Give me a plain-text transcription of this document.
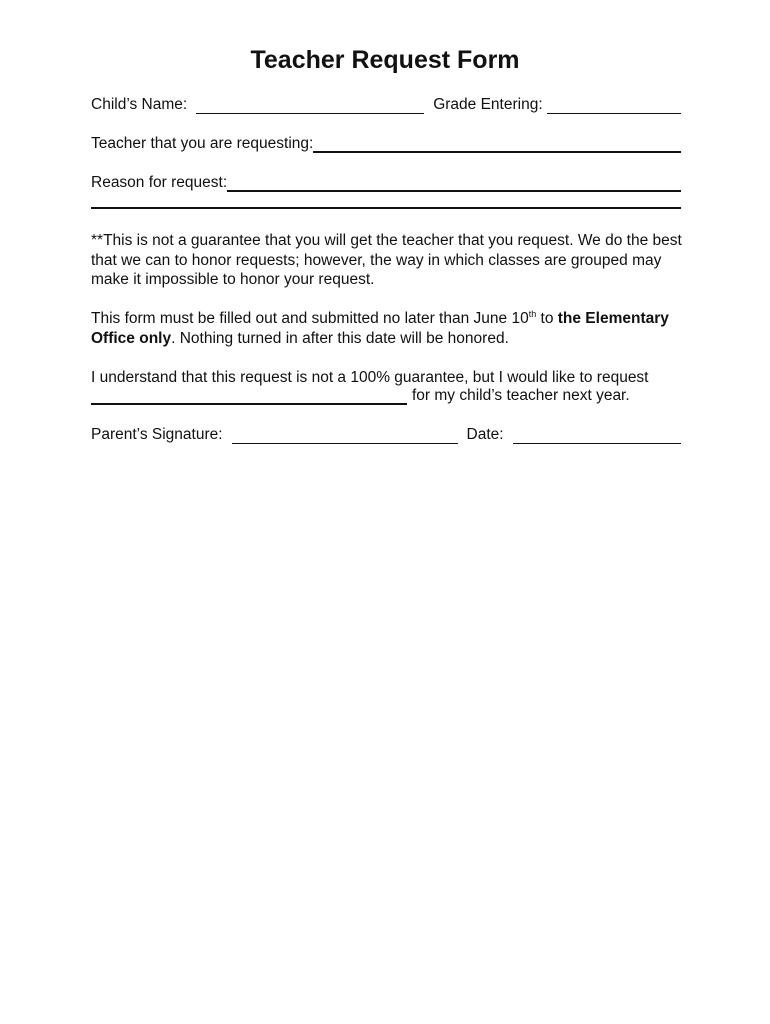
Teacher Request Form
Child’s Name:	Grade Entering:
Teacher that you are requesting:
Reason for request:
**This is not a guarantee that you will get the teacher that you request. We do the best that we can to honor requests; however, the way in which classes are grouped may make it impossible to honor your request.
This form must be filled out and submitted no later than June 10th to the Elementary Office only. Nothing turned in after this date will be honored.
I understand that this request is not a 100% guarantee, but I would like to request
for my child’s teacher next year.
Parent’s Signature:	Date:
